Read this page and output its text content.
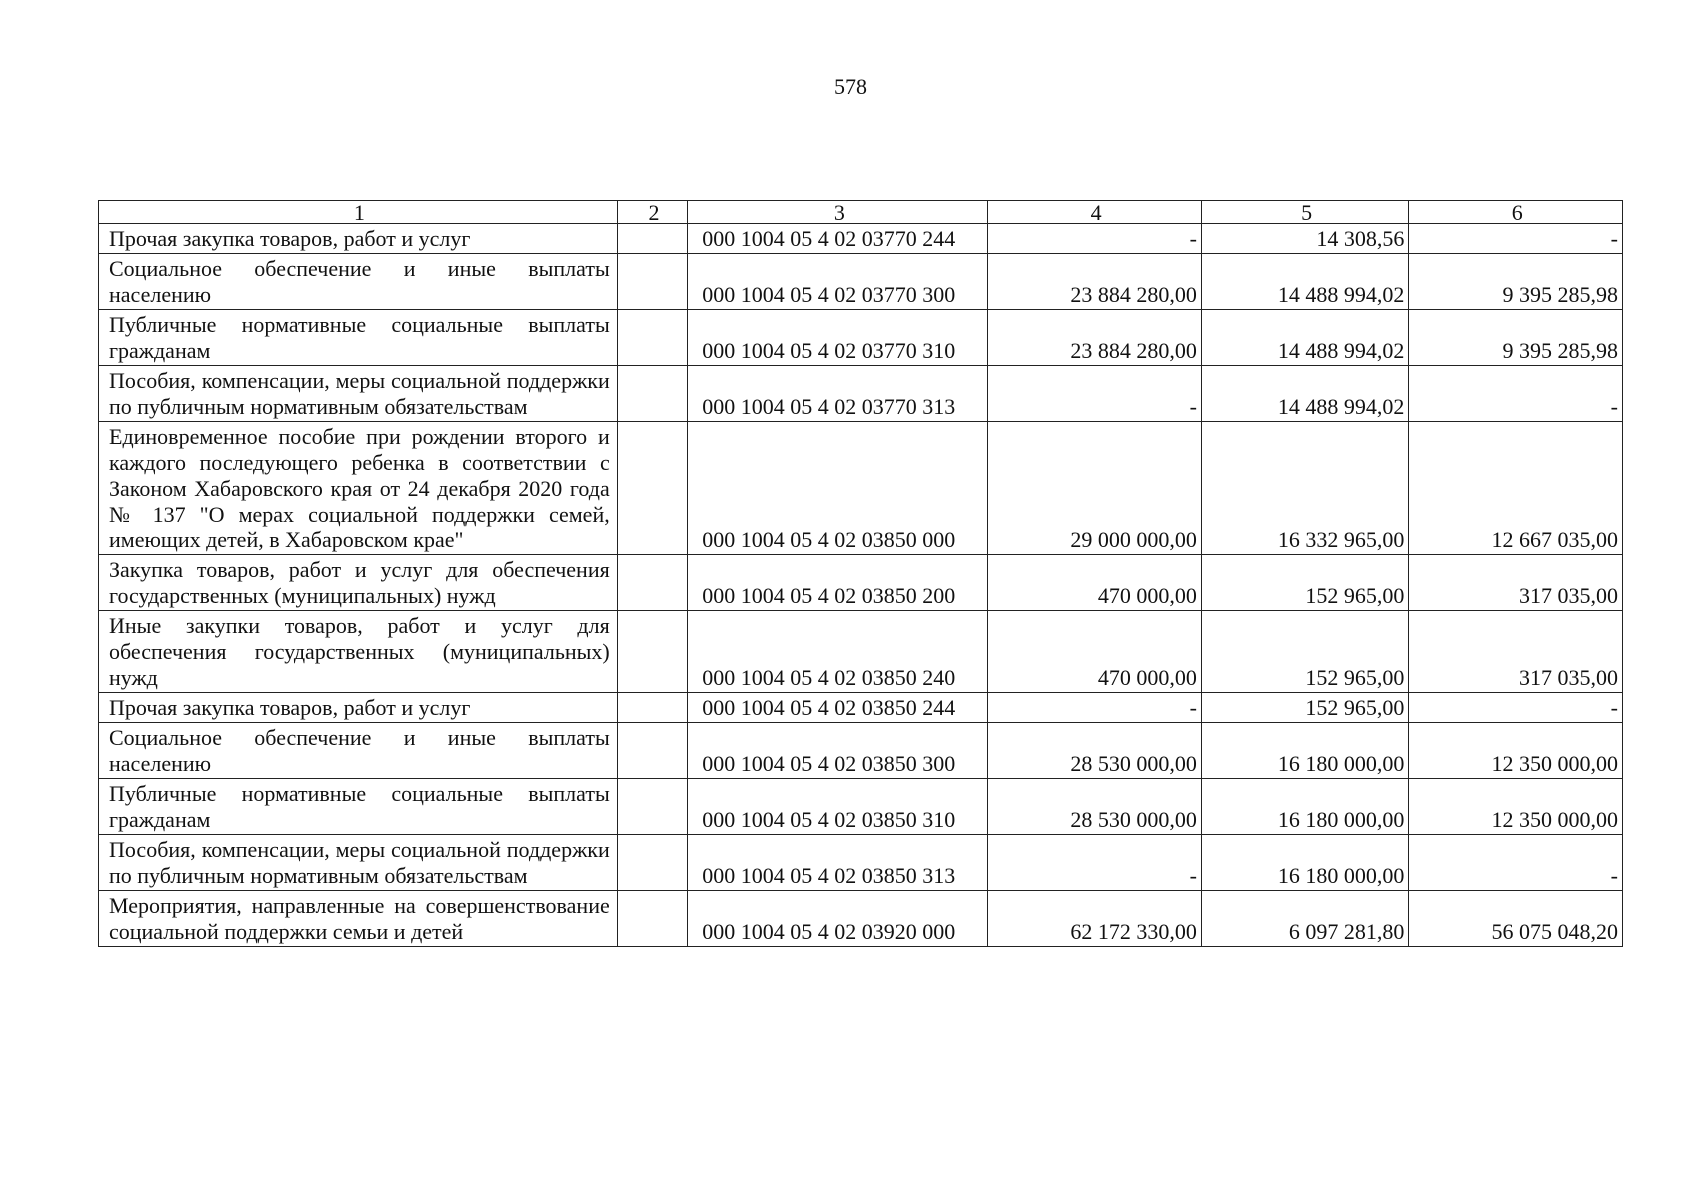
578
1	2	3	4	5	6
Прочая закупка товаров, работ и услуг		000 1004 05 4 02 03770 244	-	14 308,56	-
Социальное обеспечение и иные выплаты населению		000 1004 05 4 02 03770 300	23 884 280,00	14 488 994,02	9 395 285,98
Публичные нормативные социальные выплаты гражданам		000 1004 05 4 02 03770 310	23 884 280,00	14 488 994,02	9 395 285,98
Пособия, компенсации, меры социальной поддержки по публичным нормативным обязательствам		000 1004 05 4 02 03770 313	-	14 488 994,02	-
Единовременное пособие при рождении второго и каждого последующего ребенка в соответствии с Законом Хабаровского края от 24 декабря 2020 года № 137 "О мерах социальной поддержки семей, имеющих детей, в Хабаровском крае"		000 1004 05 4 02 03850 000	29 000 000,00	16 332 965,00	12 667 035,00
Закупка товаров, работ и услуг для обеспечения государственных (муниципальных) нужд		000 1004 05 4 02 03850 200	470 000,00	152 965,00	317 035,00
Иные закупки товаров, работ и услуг для обеспечения государственных (муниципальных) нужд		000 1004 05 4 02 03850 240	470 000,00	152 965,00	317 035,00
Прочая закупка товаров, работ и услуг		000 1004 05 4 02 03850 244	-	152 965,00	-
Социальное обеспечение и иные выплаты населению		000 1004 05 4 02 03850 300	28 530 000,00	16 180 000,00	12 350 000,00
Публичные нормативные социальные выплаты гражданам		000 1004 05 4 02 03850 310	28 530 000,00	16 180 000,00	12 350 000,00
Пособия, компенсации, меры социальной поддержки по публичным нормативным обязательствам		000 1004 05 4 02 03850 313	-	16 180 000,00	-
Мероприятия, направленные на совершенствование социальной поддержки семьи и детей		000 1004 05 4 02 03920 000	62 172 330,00	6 097 281,80	56 075 048,20
